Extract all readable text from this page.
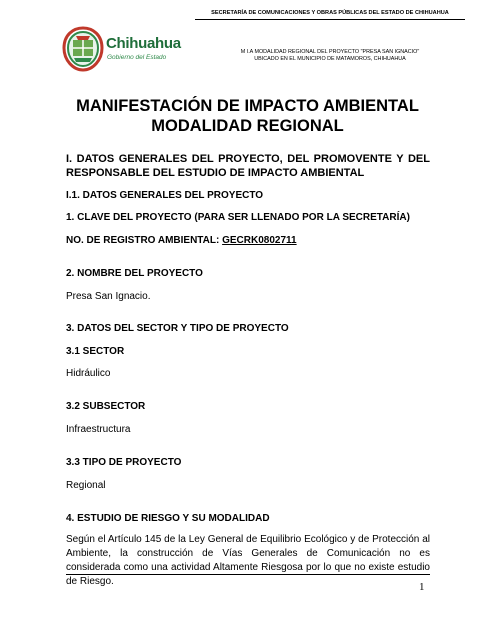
Chihuahua
Gobierno del Estado
SECRETARÍA DE COMUNICACIONES Y OBRAS PÚBLICAS DEL ESTADO DE CHIHUAHUA
M I.A MODALIDAD REGIONAL DEL PROYECTO "PRESA SAN IGNACIO"
UBICADO EN EL MUNICIPIO DE MATAMOROS, CHIHUAHUA
MANIFESTACIÓN DE IMPACTO AMBIENTAL
MODALIDAD REGIONAL
I. DATOS GENERALES DEL PROYECTO, DEL PROMOVENTE Y DEL RESPONSABLE DEL ESTUDIO DE IMPACTO AMBIENTAL
I.1. DATOS GENERALES DEL PROYECTO
1. CLAVE DEL PROYECTO (PARA SER LLENADO POR LA SECRETARÍA)
NO. DE REGISTRO AMBIENTAL: GECRK0802711
2. NOMBRE DEL PROYECTO
Presa San Ignacio.
3. DATOS DEL SECTOR Y TIPO DE PROYECTO
3.1 SECTOR
Hidráulico
3.2 SUBSECTOR
Infraestructura
3.3 TIPO DE PROYECTO
Regional
4. ESTUDIO DE RIESGO Y SU MODALIDAD
Según el Artículo 145 de la Ley General de Equilibrio Ecológico y de Protección al Ambiente, la construcción de Vías Generales de Comunicación no es considerada como una actividad Altamente Riesgosa por lo que no existe estudio de Riesgo.	1
